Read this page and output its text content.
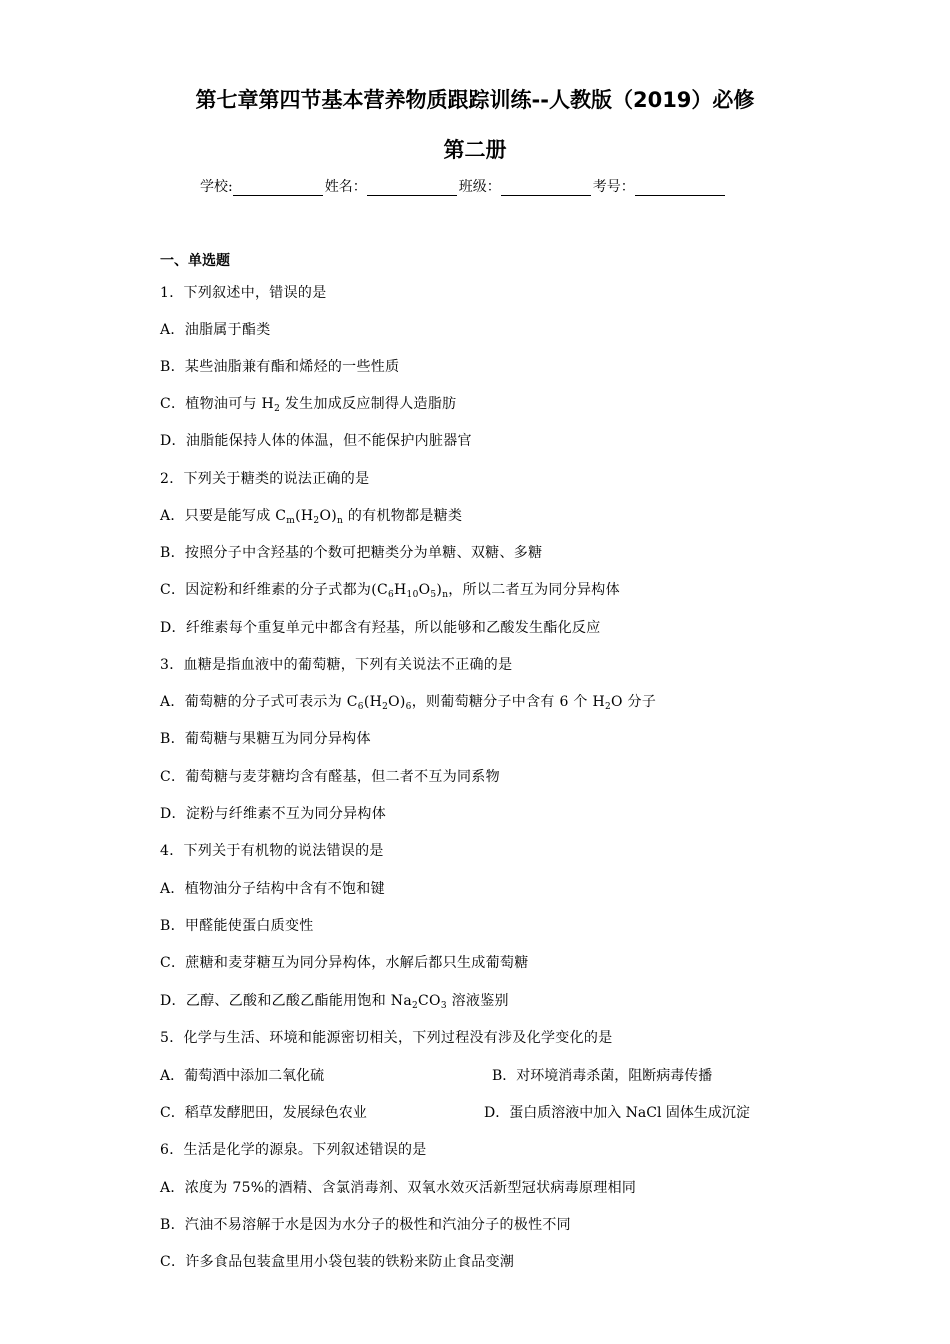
第七章第四节基本营养物质跟踪训练--人教版（2019）必修
第二册
学校:	姓名：	班级：	考号：
一、单选题
1．下列叙述中，错误的是
A．油脂属于酯类
B．某些油脂兼有酯和烯烃的一些性质
C．植物油可与 $H_2$ 发生加成反应制得人造脂肪
D．油脂能保持人体的体温，但不能保护内脏器官
2．下列关于糖类的说法正确的是
A．只要是能写成 $C_m(H_2O)_n$ 的有机物都是糖类
B．按照分子中含羟基的个数可把糖类分为单糖、双糖、多糖
C．因淀粉和纤维素的分子式都为$(C_6H_{10}O_5)_n$，所以二者互为同分异构体
D．纤维素每个重复单元中都含有羟基，所以能够和乙酸发生酯化反应
3．血糖是指血液中的葡萄糖，下列有关说法不正确的是
A．葡萄糖的分子式可表示为 $C_6(H_2O)_6$，则葡萄糖分子中含有 6 个 $H_2O$ 分子
B．葡萄糖与果糖互为同分异构体
C．葡萄糖与麦芽糖均含有醛基，但二者不互为同系物
D．淀粉与纤维素不互为同分异构体
4．下列关于有机物的说法错误的是
A．植物油分子结构中含有不饱和键
B．甲醛能使蛋白质变性
C．蔗糖和麦芽糖互为同分异构体，水解后都只生成葡萄糖
D．乙醇、乙酸和乙酸乙酯能用饱和 $Na_2CO_3$ 溶液鉴别
5．化学与生活、环境和能源密切相关，下列过程没有涉及化学变化的是
A．葡萄酒中添加二氧化硫	B．对环境消毒杀菌，阻断病毒传播
C．稻草发酵肥田，发展绿色农业	D．蛋白质溶液中加入 NaCl 固体生成沉淀
6．生活是化学的源泉。下列叙述错误的是
A．浓度为 75%的酒精、含氯消毒剂、双氧水效灭活新型冠状病毒原理相同
B．汽油不易溶解于水是因为水分子的极性和汽油分子的极性不同
C．许多食品包装盒里用小袋包装的铁粉来防止食品变潮
